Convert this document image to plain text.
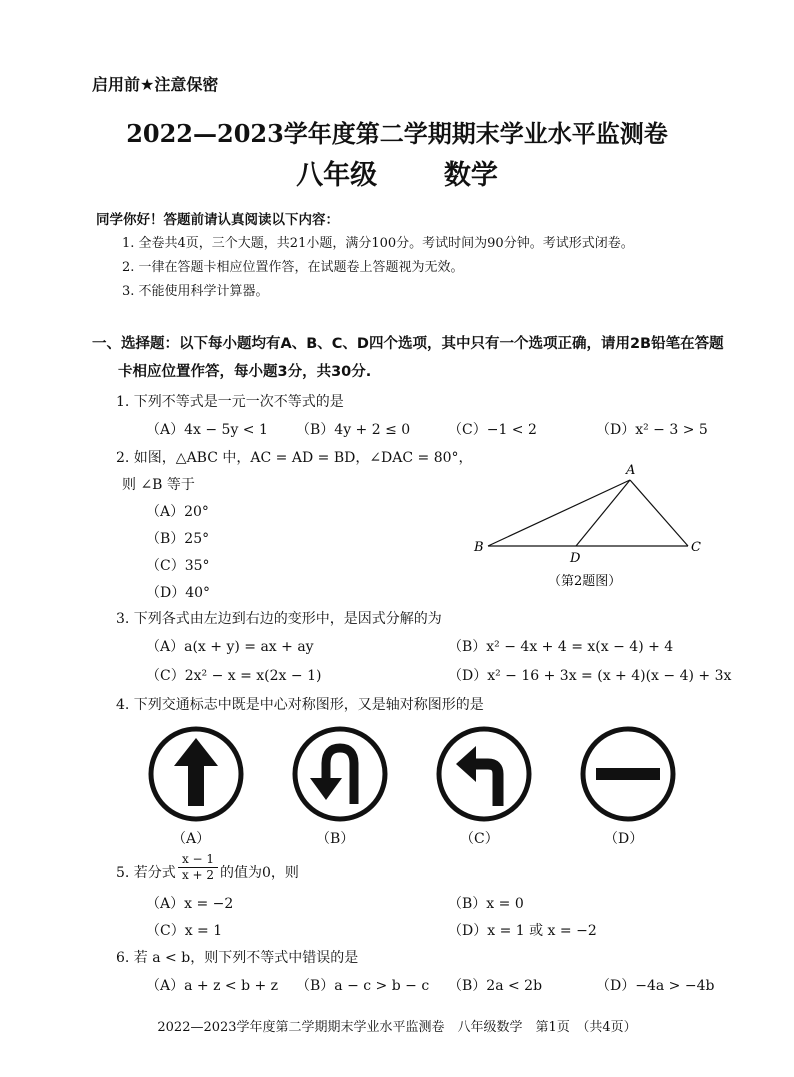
启用前★注意保密
2022—2023学年度第二学期期末学业水平监测卷
八年级 数学
同学你好！答题前请认真阅读以下内容：
1. 全卷共4页，三个大题，共21小题，满分100分。考试时间为90分钟。考试形式闭卷。
2. 一律在答题卡相应位置作答，在试题卷上答题视为无效。
3. 不能使用科学计算器。
一、选择题：以下每小题均有A、B、C、D四个选项，其中只有一个选项正确，请用2B铅笔在答题
卡相应位置作答，每小题3分，共30分.
1. 下列不等式是一元一次不等式的是
（A）4x − 5y < 1 （B）4y + 2 ≤ 0	（C）−1 < 2	（D）x² − 3 > 5
2. 如图，△ABC 中，AC = AD = BD，∠DAC = 80°，
则 ∠B 等于
（A）20°
（B）25°
（C）35°
（D）40°
A
B	C
D
（第2题图）
3. 下列各式由左边到右边的变形中，是因式分解的为
（A）a(x + y) = ax + ay	（B）x² − 4x + 4 = x(x − 4) + 4
（C）2x² − x = x(2x − 1)	（D）x² − 16 + 3x = (x + 4)(x − 4) + 3x
4. 下列交通标志中既是中心对称图形，又是轴对称图形的是
（A）	（B）	（C）	（D）
5. 若分式 $\frac{x - 1}{x + 2}$ 的值为0，则
（A）x = −2	（B）x = 0
（C）x = 1	（D）x = 1 或 x = −2
6. 若 a < b，则下列不等式中错误的是
（A）a + z < b + z （B）a − c > b − c （B）2a < 2b	（D）−4a > −4b
2022—2023学年度第二学期期末学业水平监测卷　八年级数学　第1页　（共4页）
